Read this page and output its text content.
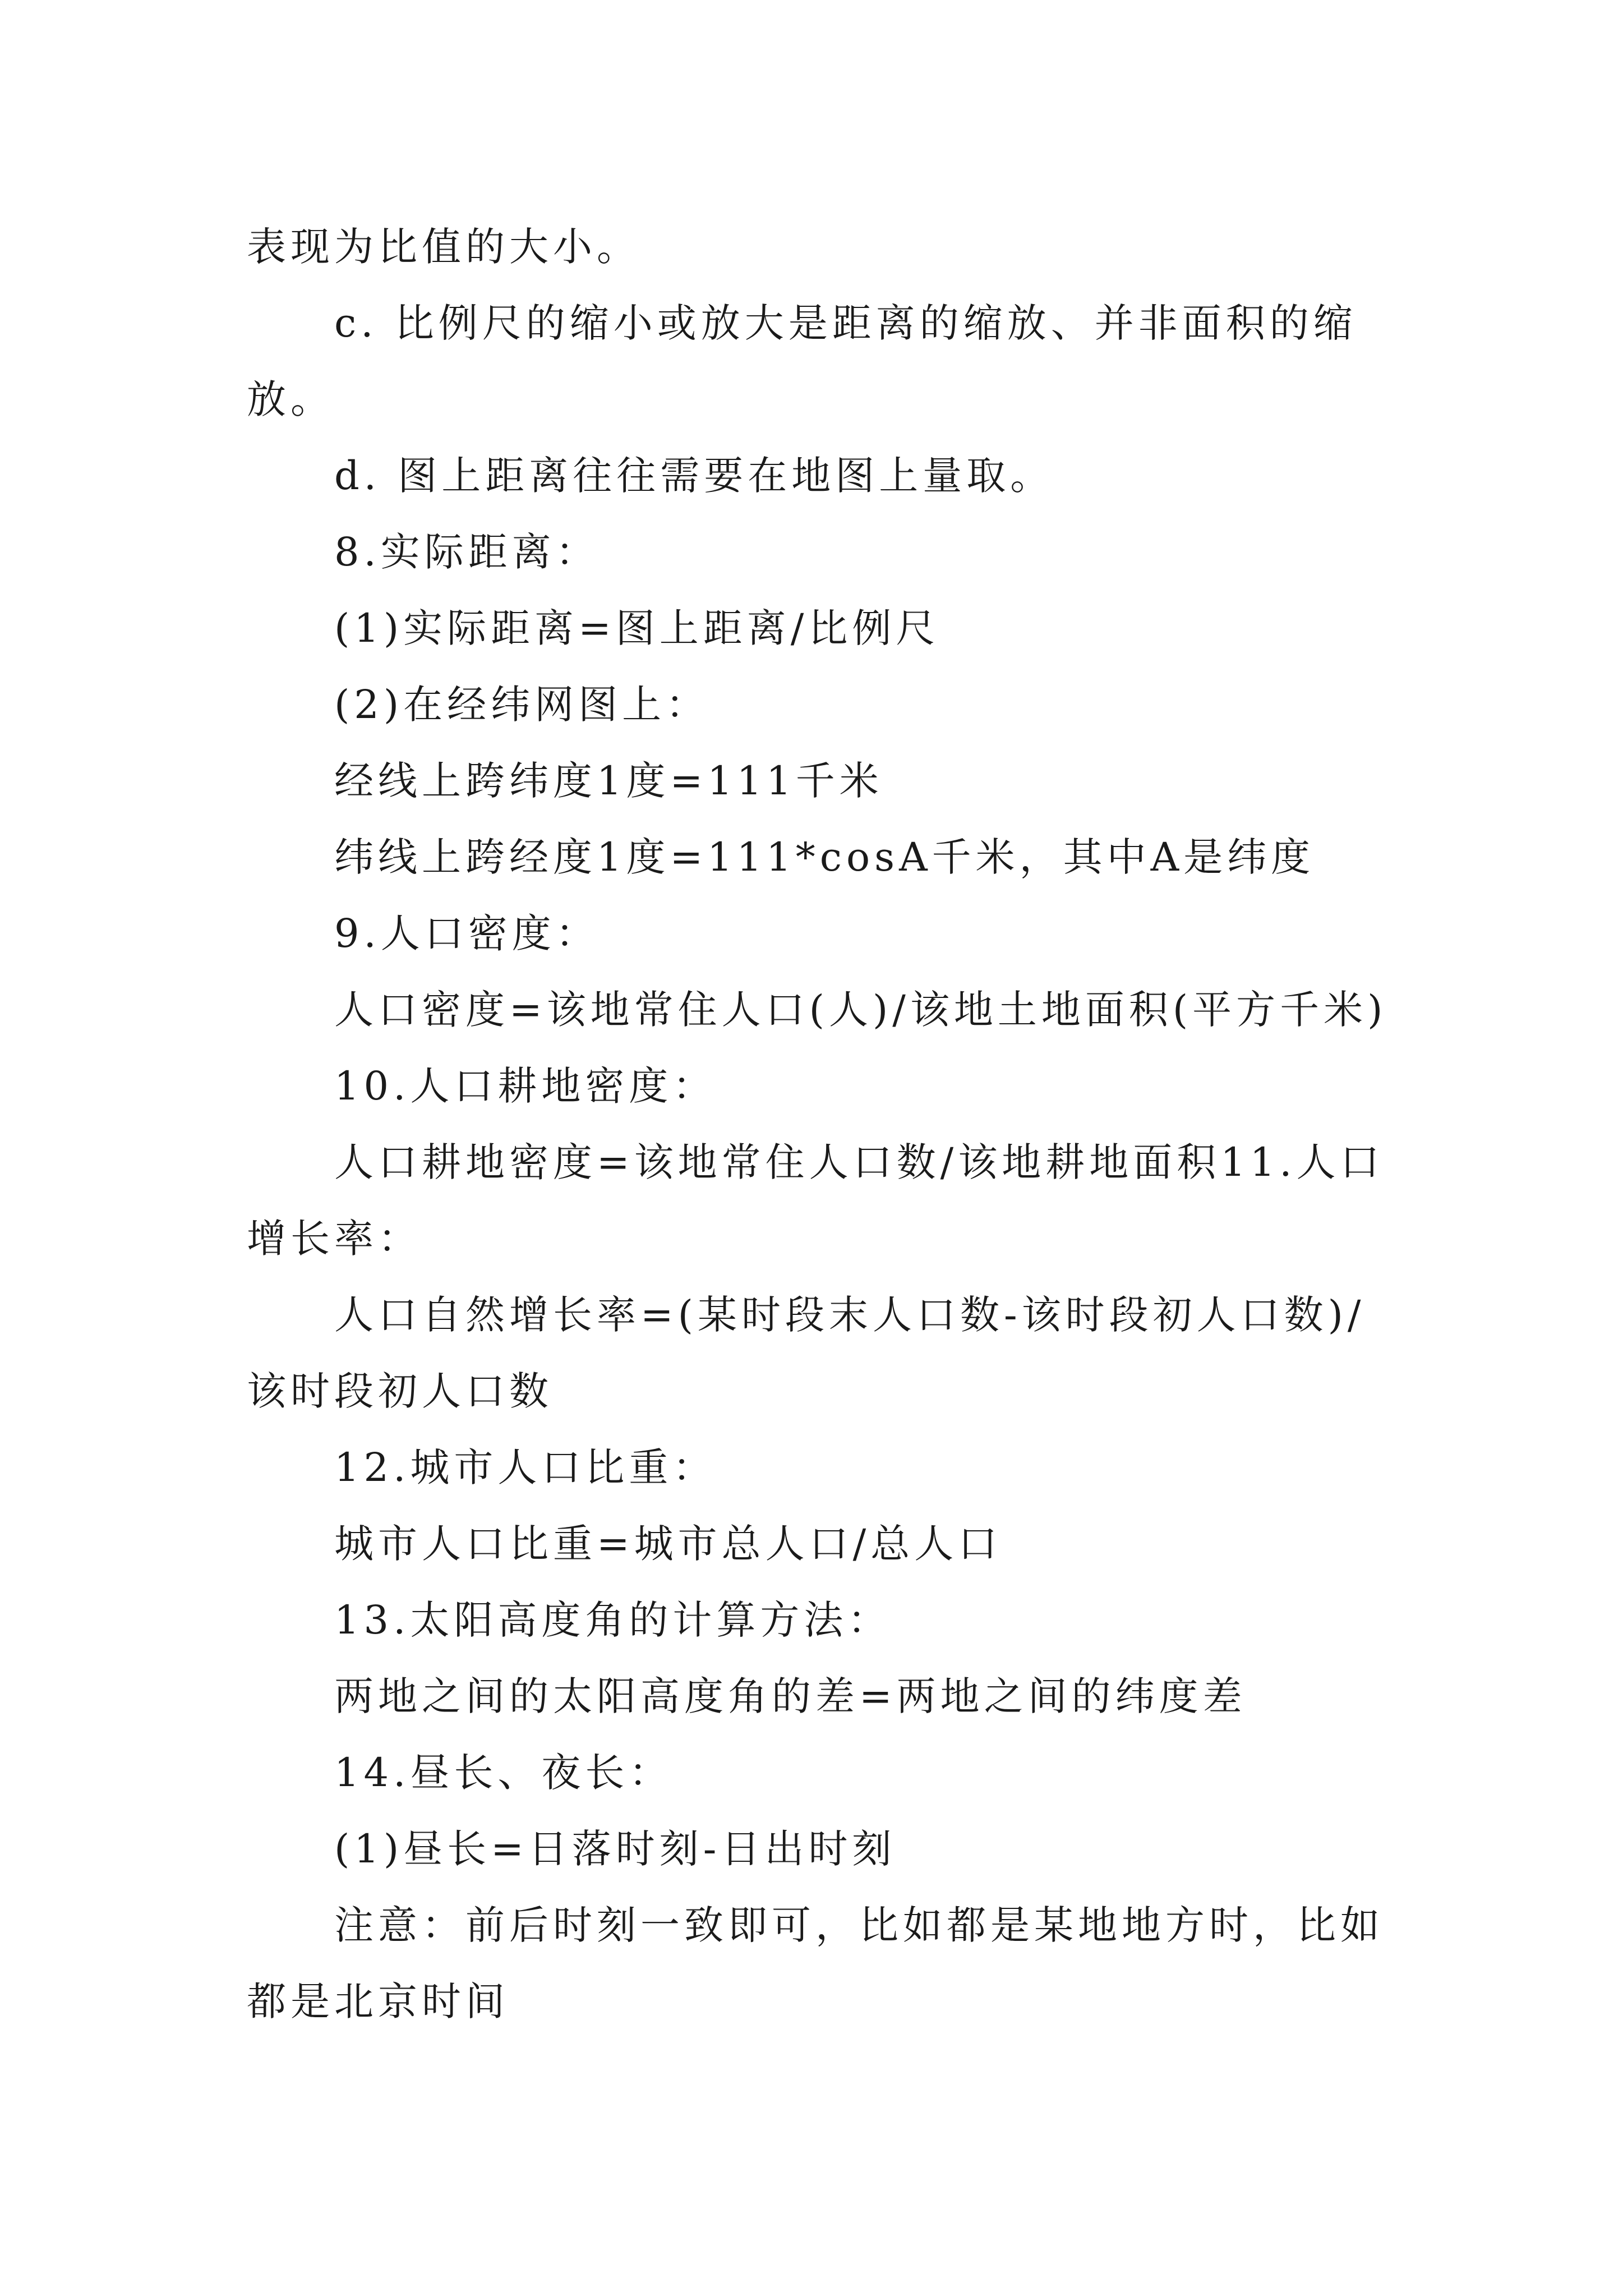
表现为比值的大小。

c. 比例尺的缩小或放大是距离的缩放、并非面积的缩放。

d. 图上距离往往需要在地图上量取。

8.实际距离：

(1)实际距离=图上距离/比例尺

(2)在经纬网图上：

经线上跨纬度1度=111千米

纬线上跨经度1度=111*cosA千米，其中A是纬度

9.人口密度：

人口密度=该地常住人口(人)/该地土地面积(平方千米)

10.人口耕地密度：

人口耕地密度=该地常住人口数/该地耕地面积11.人口增长率：

人口自然增长率=(某时段末人口数-该时段初人口数)/该时段初人口数

12.城市人口比重：

城市人口比重=城市总人口/总人口

13.太阳高度角的计算方法：

两地之间的太阳高度角的差=两地之间的纬度差

14.昼长、夜长：

(1)昼长=日落时刻-日出时刻

注意：前后时刻一致即可，比如都是某地地方时，比如都是北京时间
